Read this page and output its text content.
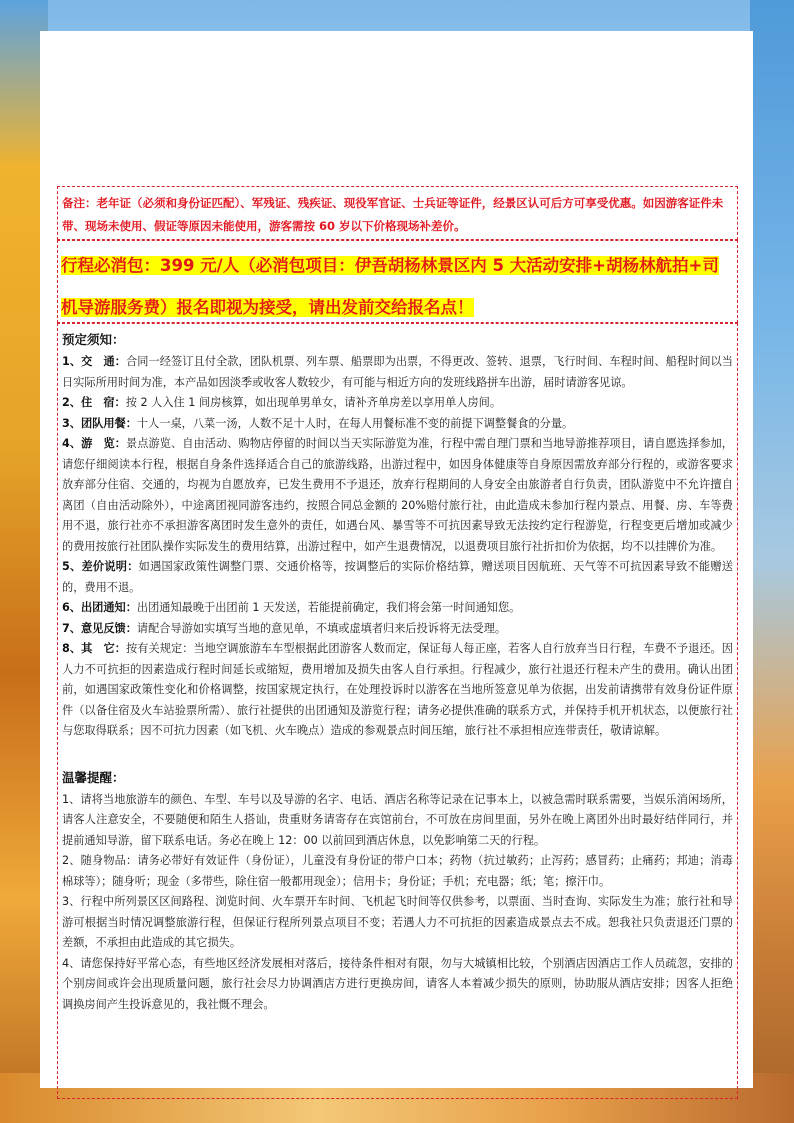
备注：老年证（必须和身份证匹配）、军残证、残疾证、现役军官证、士兵证等证件，经景区认可后方可享受优惠。如因游客证件未带、现场未使用、假证等原因未能使用，游客需按 60 岁以下价格现场补差价。

行程必消包：399 元/人（必消包项目：伊吾胡杨林景区内 5 大活动安排+胡杨林航拍+司机导游服务费）报名即视为接受，请出发前交给报名点！
预定须知：

1、交　通：合同一经签订且付全款，团队机票、列车票、船票即为出票，不得更改、签转、退票，飞行时间、车程时间、船程时间以当日实际所用时间为准，本产品如因淡季或收客人数较少，有可能与相近方向的发班线路拼车出游，届时请游客见谅。

2、住　宿：按 2 人入住 1 间房核算，如出现单男单女，请补齐单房差以享用单人房间。

3、团队用餐：十人一桌，八菜一汤，人数不足十人时，在每人用餐标准不变的前提下调整餐食的分量。

4、游　览：景点游览、自由活动、购物店停留的时间以当天实际游览为准，行程中需自理门票和当地导游推荐项目，请自愿选择参加，请您仔细阅读本行程，根据自身条件选择适合自己的旅游线路，出游过程中，如因身体健康等自身原因需放弃部分行程的，或游客要求放弃部分住宿、交通的，均视为自愿放弃，已发生费用不予退还，放弃行程期间的人身安全由旅游者自行负责，团队游览中不允许擅自离团（自由活动除外），中途离团视同游客违约，按照合同总金额的 20%赔付旅行社，由此造成未参加行程内景点、用餐、房、车等费用不退，旅行社亦不承担游客离团时发生意外的责任，如遇台风、暴雪等不可抗因素导致无法按约定行程游览，行程变更后增加或减少的费用按旅行社团队操作实际发生的费用结算，出游过程中，如产生退费情况，以退费项目旅行社折扣价为依据，均不以挂牌价为准。

5、差价说明：如遇国家政策性调整门票、交通价格等，按调整后的实际价格结算，赠送项目因航班、天气等不可抗因素导致不能赠送的，费用不退。

6、出团通知：出团通知最晚于出团前 1 天发送，若能提前确定，我们将会第一时间通知您。

7、意见反馈：请配合导游如实填写当地的意见单，不填或虚填者归来后投诉将无法受理。

8、其　它：按有关规定：当地空调旅游车车型根据此团游客人数而定，保证每人每正座，若客人自行放弃当日行程，车费不予退还。因人力不可抗拒的因素造成行程时间延长或缩短，费用增加及损失由客人自行承担。行程减少，旅行社退还行程未产生的费用。确认出团前，如遇国家政策性变化和价格调整，按国家规定执行，在处理投诉时以游客在当地所签意见单为依据，出发前请携带有效身份证件原件（以备住宿及火车站验票所需）、旅行社提供的出团通知及游览行程；请务必提供准确的联系方式，并保持手机开机状态，以便旅行社与您取得联系；因不可抗力因素（如飞机、火车晚点）造成的参观景点时间压缩，旅行社不承担相应连带责任，敬请谅解。

温馨提醒：

1、请将当地旅游车的颜色、车型、车号以及导游的名字、电话、酒店名称等记录在记事本上，以被急需时联系需要，当娱乐消闲场所，请客人注意安全，不要随便和陌生人搭讪，贵重财务请寄存在宾馆前台，不可放在房间里面，另外在晚上离团外出时最好结伴同行，并提前通知导游，留下联系电话。务必在晚上 12：00 以前回到酒店休息，以免影响第二天的行程。

2、随身物品：请务必带好有效证件（身份证），儿童没有身份证的带户口本；药物（抗过敏药；止泻药；感冒药；止痛药；邦迪；消毒棉球等）；随身听；现金（多带些，除住宿一般都用现金）；信用卡；身份证；手机；充电器；纸；笔；擦汗巾。

3、行程中所列景区区间路程、浏览时间、火车票开车时间、飞机起飞时间等仅供参考，以票面、当时查询、实际发生为准；旅行社和导游可根据当时情况调整旅游行程，但保证行程所列景点项目不变；若遇人力不可抗拒的因素造成景点去不成。恕我社只负责退还门票的差额，不承担由此造成的其它损失。

4、请您保持好平常心态，有些地区经济发展相对落后，接待条件相对有限，勿与大城镇相比较，个别酒店因酒店工作人员疏忽，安排的个别房间或许会出现质量问题，旅行社会尽力协调酒店方进行更换房间，请客人本着减少损失的原则，协助服从酒店安排；因客人拒绝调换房间产生投诉意见的，我社慨不理会。
